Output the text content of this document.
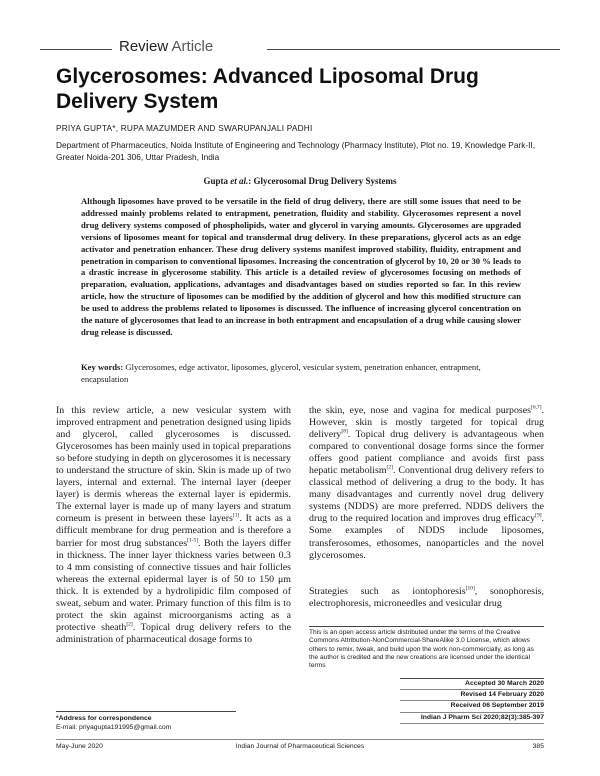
Review Article
Glycerosomes: Advanced Liposomal Drug Delivery System
PRIYA GUPTA*, RUPA MAZUMDER AND SWARUPANJALI PADHI
Department of Pharmaceutics, Noida Institute of Engineering and Technology (Pharmacy Institute), Plot no. 19, Knowledge Park-II, Greater Noida-201 306, Uttar Pradesh, India
Gupta et al.: Glycerosomal Drug Delivery Systems

Although liposomes have proved to be versatile in the field of drug delivery, there are still some issues that need to be addressed mainly problems related to entrapment, penetration, fluidity and stability. Glycerosomes represent a novel drug delivery systems composed of phospholipids, water and glycerol in varying amounts. Glycerosomes are upgraded versions of liposomes meant for topical and transdermal drug delivery. In these preparations, glycerol acts as an edge activator and penetration enhancer. These drug delivery systems manifest improved stability, fluidity, entrapment and penetration in comparison to conventional liposomes. Increasing the concentration of glycerol by 10, 20 or 30 % leads to a drastic increase in glycerosome stability. This article is a detailed review of glycerosomes focusing on methods of preparation, evaluation, applications, advantages and disadvantages based on studies reported so far. In this review article, how the structure of liposomes can be modified by the addition of glycerol and how this modified structure can be used to address the problems related to liposomes is discussed. The influence of increasing glycerol concentration on the nature of glycerosomes that lead to an increase in both entrapment and encapsulation of a drug while causing slower drug release is discussed.

Key words: Glycerosomes, edge activator, liposomes, glycerol, vesicular system, penetration enhancer, entrapment, encapsulation

In this review article, a new vesicular system with improved entrapment and penetration designed using lipids and glycerol, called glycerosomes is discussed. Glycerosomes has been mainly used in topical preparations so before studying in depth on glycerosomes it is necessary to understand the structure of skin. Skin is made up of two layers, internal and external. The internal layer (deeper layer) is dermis whereas the external layer is epidermis. The external layer is made up of many layers and stratum corneum is present in between these layers[1]. It acts as a difficult membrane for drug permeation and is therefore a barrier for most drug substances[1-5]. Both the layers differ in thickness. The inner layer thickness varies between 0.3 to 4 mm consisting of connective tissues and hair follicles whereas the external epidermal layer is of 50 to 150 μm thick. It is extended by a hydrolipidic film composed of sweat, sebum and water. Primary function of this film is to protect the skin against microorganisms acting as a protective sheath[2]. Topical drug delivery refers to the administration of pharmaceutical dosage forms to

the skin, eye, nose and vagina for medical purposes[6,7]. However, skin is mostly targeted for topical drug delivery[8]. Topical drug delivery is advantageous when compared to conventional dosage forms since the former offers good patient compliance and avoids first pass hepatic metabolism[2]. Conventional drug delivery refers to classical method of delivering a drug to the body. It has many disadvantages and currently novel drug delivery systems (NDDS) are more preferred. NDDS delivers the drug to the required location and improves drug efficacy[9]. Some examples of NDDS include liposomes, transferosomes, ethosomes, nanoparticles and the novel glycerosomes.

Strategies such as iontophoresis[10], sonophoresis, electrophoresis, microneedles and vesicular drug

This is an open access article distributed under the terms of the Creative Commons Attribution-NonCommercial-ShareAlike 3.0 License, which allows others to remix, tweak, and build upon the work non-commercially, as long as the author is credited and the new creations are licensed under the identical terms
Accepted 30 March 2020
Revised 14 February 2020
Received 06 September 2019
Indian J Pharm Sci 2020;82(3):385-397
*Address for correspondence
E-mail: priyagupta191995@gmail.com
May-June 2020	Indian Journal of Pharmaceutical Sciences	385
